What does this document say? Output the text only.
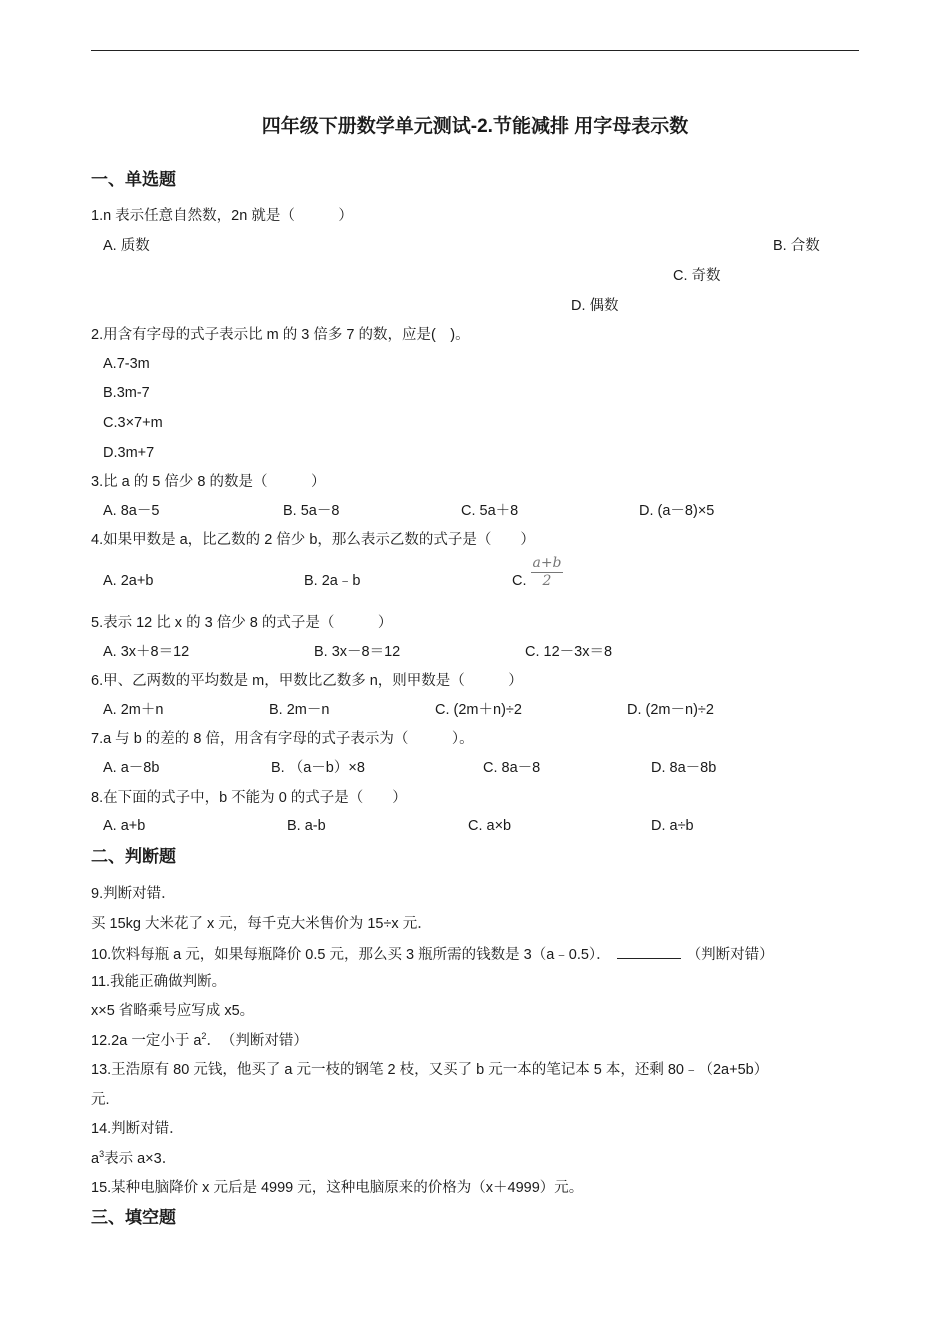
四年级下册数学单元测试-2.节能减排 用字母表示数
一、单选题
1.n 表示任意自然数，2n 就是（　　　）
A. 质数	B. 合数
C. 奇数
D. 偶数
2.用含有字母的式子表示比 m 的 3 倍多 7 的数，应是(　)。
A.7-3m
B.3m-7
C.3×7+m
D.3m+7
3.比 a 的 5 倍少 8 的数是（　　　）
A. 8a－5	B. 5a－8	C. 5a＋8	D. (a－8)×5
4.如果甲数是 a，比乙数的 2 倍少 b，那么表示乙数的式子是（　　）
A. 2a+b	B. 2a﹣b	C.
a+b
2
5.表示 12 比 x 的 3 倍少 8 的式子是（　　　）
A. 3x＋8＝12	B. 3x－8＝12	C. 12－3x＝8
6.甲、乙两数的平均数是 m，甲数比乙数多 n，则甲数是（　　　）
A. 2m＋n	B. 2m－n	C. (2m＋n)÷2	D. (2m－n)÷2
7.a 与 b 的差的 8 倍，用含有字母的式子表示为（　　　）。
A. a－8b	B. （a－b）×8	C. 8a－8	D. 8a－8b
8.在下面的式子中，b 不能为 0 的式子是（　　）
A. a+b	B. a-b	C. a×b	D. a÷b
二、判断题
9.判断对错．
买 15kg 大米花了 x 元，每千克大米售价为 15÷x 元．
10.饮料每瓶 a 元，如果每瓶降价 0.5 元，那么买 3 瓶所需的钱数是 3（a﹣0.5）．	（判断对错）
11.我能正确做判断。
x×5 省略乘号应写成 x5。
12.2a 一定小于 $a^2$．　（判断对错）
13.王浩原有 80 元钱，他买了 a 元一枝的钢笔 2 枝，又买了 b 元一本的笔记本 5 本，还剩 80﹣（2a+5b）
元.
14.判断对错．
$a^3$表示 a×3．
15.某种电脑降价 x 元后是 4999 元，这种电脑原来的价格为（x＋4999）元。
三、填空题
